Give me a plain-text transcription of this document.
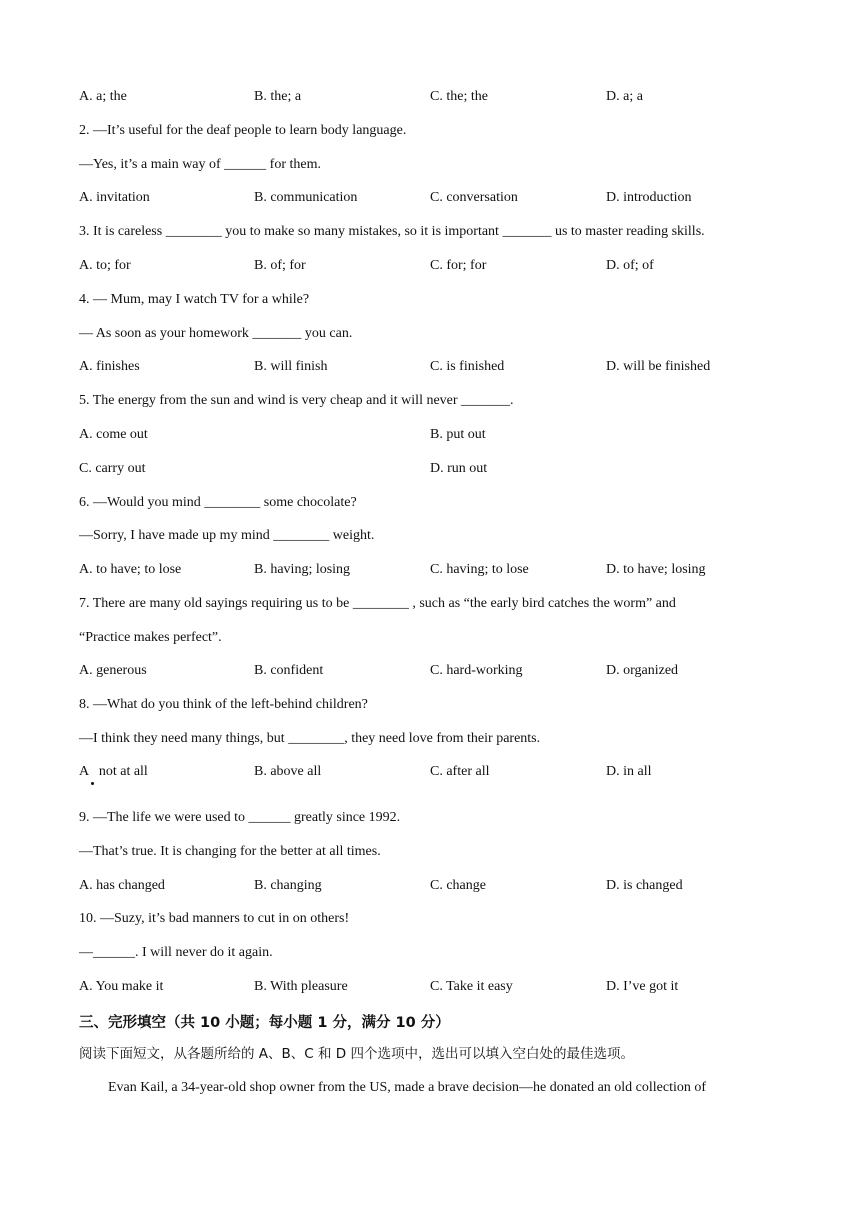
A. a; the	B. the; a	C. the; the	D. a; a
2. —It’s useful for the deaf people to learn body language.
—Yes, it’s a main way of ______ for them.
A. invitation	B. communication	C. conversation	D. introduction
3. It is careless ________ you to make so many mistakes, so it is important _______ us to master reading skills.
A. to; for	B. of; for	C. for; for	D. of; of
4. — Mum, may I watch TV for a while?
— As soon as your homework _______ you can.
A. finishes	B. will finish	C. is finished	D. will be finished
5. The energy from the sun and wind is very cheap and it will never _______.
A. come out	B. put out
C. carry out	D. run out
6. —Would you mind ________ some chocolate?
—Sorry, I have made up my mind ________ weight.
A. to have; to lose	B. having; losing	C. having; to lose	D. to have; losing
7. There are many old sayings requiring us to be ________ , such as “the early bird catches the worm” and
“Practice makes perfect”.
A. generous	B. confident	C. hard-working	D. organized
8. —What do you think of the left-behind children?
—I think they need many things, but ________, they need love from their parents.
A   not at all	B. above all	C. after all	D. in all
9. —The life we were used to ______ greatly since 1992.
—That’s true. It is changing for the better at all times.
A. has changed	B. changing	C. change	D. is changed
10. —Suzy, it’s bad manners to cut in on others!
—______. I will never do it again.
A. You make it	B. With pleasure	C. Take it easy	D. I’ve got it
三、完形填空（共 10 小题；每小题 1 分，满分 10 分）
阅读下面短文，从各题所给的 A、B、C 和 D 四个选项中，选出可以填入空白处的最佳选项。
Evan Kail, a 34-year-old shop owner from the US, made a brave decision—he donated an old collection of
